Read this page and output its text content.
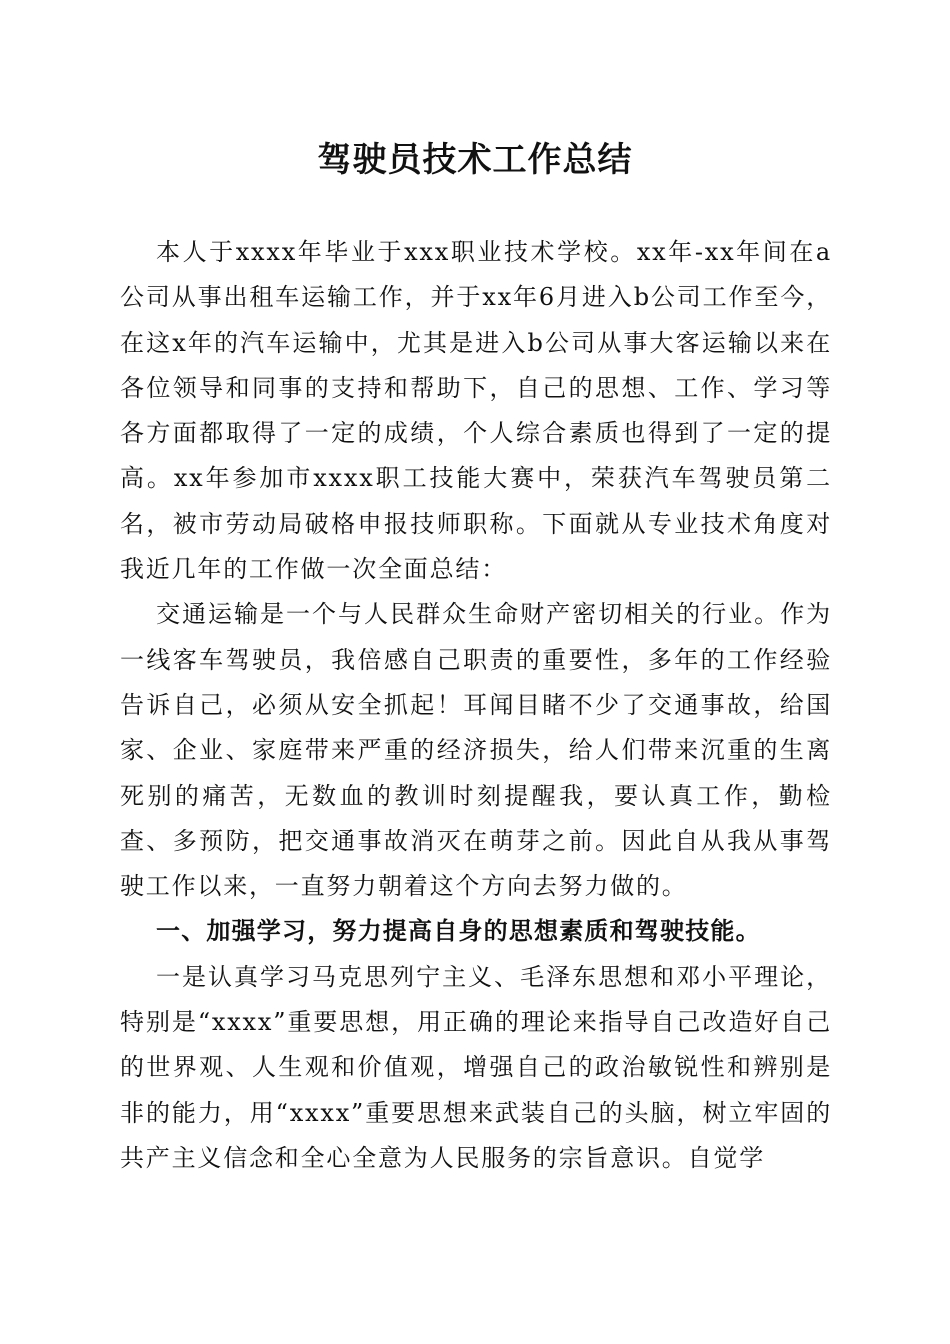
驾驶员技术工作总结

本人于xxxx年毕业于xxx职业技术学校。xx年-xx年间在a公司从事出租车运输工作，并于xx年6月进入b公司工作至今，在这x年的汽车运输中，尤其是进入b公司从事大客运输以来在各位领导和同事的支持和帮助下，自己的思想、工作、学习等各方面都取得了一定的成绩，个人综合素质也得到了一定的提高。xx年参加市xxxx职工技能大赛中，荣获汽车驾驶员第二名，被市劳动局破格申报技师职称。下面就从专业技术角度对我近几年的工作做一次全面总结：

交通运输是一个与人民群众生命财产密切相关的行业。作为一线客车驾驶员，我倍感自己职责的重要性，多年的工作经验告诉自己，必须从安全抓起！耳闻目睹不少了交通事故，给国家、企业、家庭带来严重的经济损失，给人们带来沉重的生离死别的痛苦，无数血的教训时刻提醒我，要认真工作，勤检查、多预防，把交通事故消灭在萌芽之前。因此自从我从事驾驶工作以来，一直努力朝着这个方向去努力做的。

一、加强学习，努力提高自身的思想素质和驾驶技能。

一是认真学习马克思列宁主义、毛泽东思想和邓小平理论，特别是“xxxx”重要思想，用正确的理论来指导自己改造好自己的世界观、人生观和价值观，增强自己的政治敏锐性和辨别是非的能力，用“xxxx”重要思想来武装自己的头脑，树立牢固的共产主义信念和全心全意为人民服务的宗旨意识。自觉学
